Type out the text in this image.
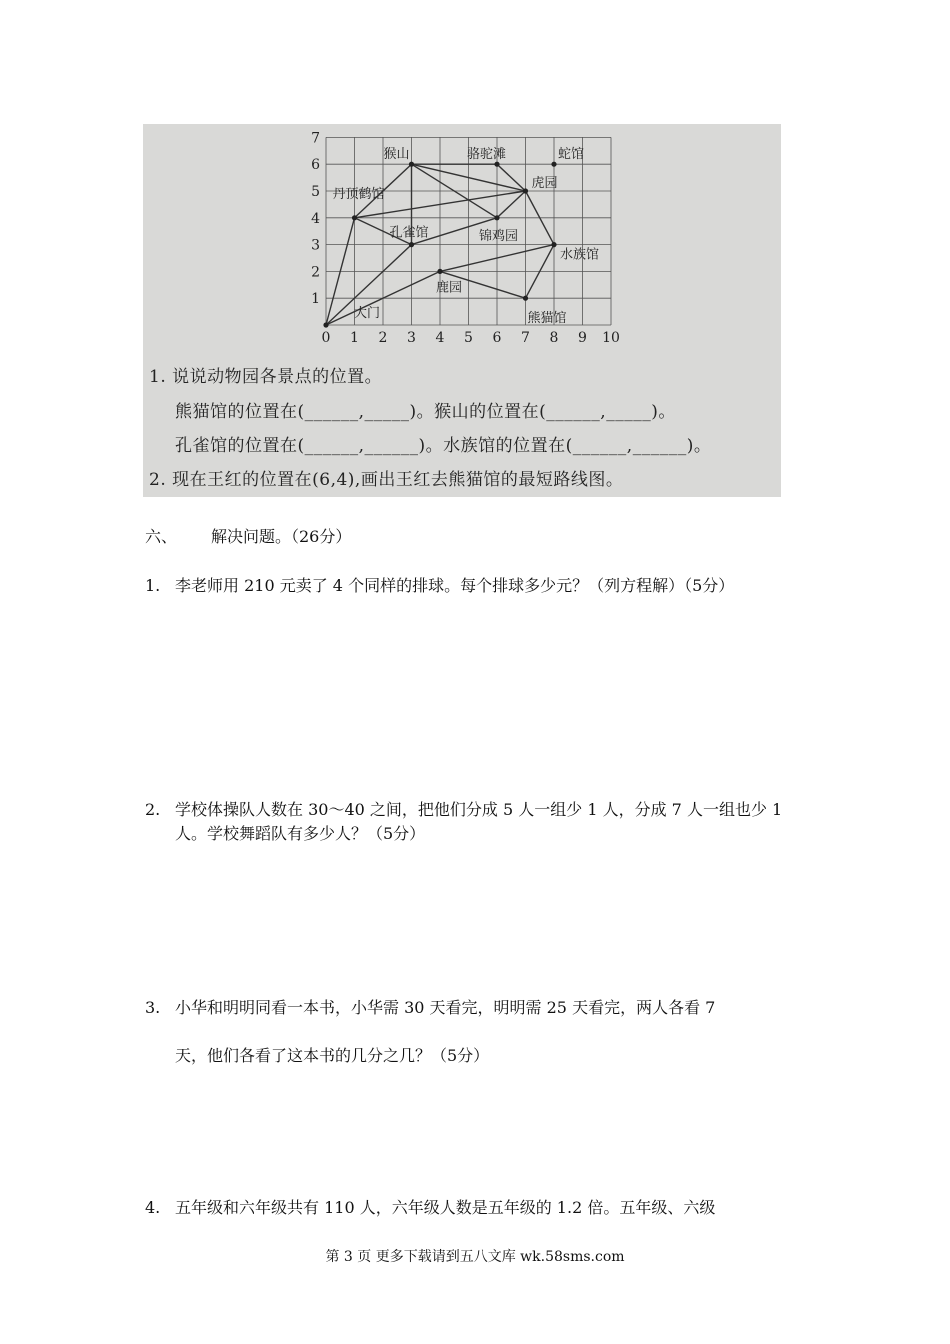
0 1 2 3 4 5 6 7 8 9 10
1
2
3
4
5
6
7
猴山	骆驼滩	蛇馆
虎园
丹顶鹤馆
孔雀馆	锦鸡园
水族馆
鹿园
熊猫馆
大门
1. 说说动物园各景点的位置。
熊猫馆的位置在(______,_____)。猴山的位置在(______,_____)。
孔雀馆的位置在(______,______)。水族馆的位置在(______,______)。
2. 现在王红的位置在(6,4),画出王红去熊猫馆的最短路线图。
六、 解决问题。（26分）
1. 李老师用 210 元卖了 4 个同样的排球。每个排球多少元？（列方程解）（5分）
2. 学校体操队人数在 30～40 之间，把他们分成 5 人一组少 1 人，分成 7 人一组也少 1 人。学校舞蹈队有多少人？（5分）
3. 小华和明明同看一本书，小华需 30 天看完，明明需 25 天看完，两人各看 7
天，他们各看了这本书的几分之几？（5分）
4. 五年级和六年级共有 110 人，六年级人数是五年级的 1.2 倍。五年级、六级
第 3 页 更多下载请到五八文库 wk.58sms.com
